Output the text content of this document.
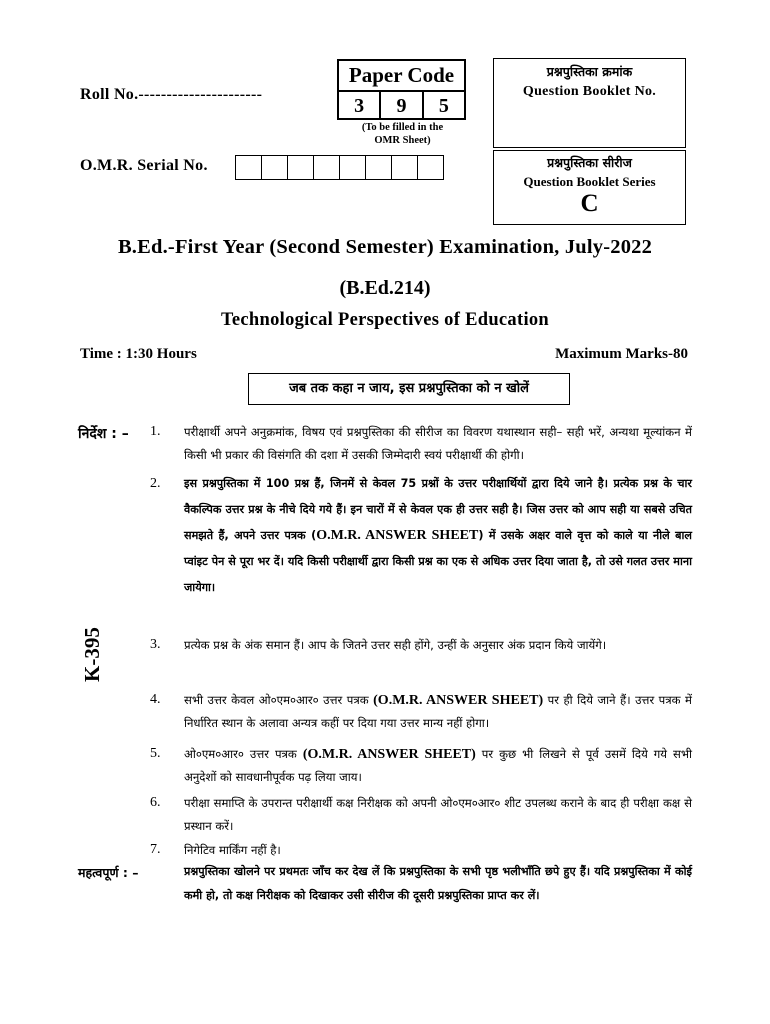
Roll No.----------------------
O.M.R. Serial No.
Paper Code
3	9	5
(To be filled in the
OMR Sheet)
प्रश्नपुस्तिका क्रमांक
Question Booklet No.
प्रश्नपुस्तिका सीरीज
Question Booklet Series
C
B.Ed.-First Year (Second Semester) Examination, July-2022
(B.Ed.214)
Technological Perspectives of Education
Time : 1:30 Hours	Maximum Marks-80
जब तक कहा न जाय, इस प्रश्नपुस्तिका को न खोलें
K-395
निर्देश : – 1. परीक्षार्थी अपने अनुक्रमांक, विषय एवं प्रश्नपुस्तिका की सीरीज का विवरण यथास्थान सही– सही भरें, अन्यथा मूल्यांकन में किसी भी प्रकार की विसंगति की दशा में उसकी जिम्मेदारी स्वयं परीक्षार्थी की होगी।
2. इस प्रश्नपुस्तिका में 100 प्रश्न हैं, जिनमें से केवल 75 प्रश्नों के उत्तर परीक्षार्थियों द्वारा दिये जाने है। प्रत्येक प्रश्न के चार वैकल्पिक उत्तर प्रश्न के नीचे दिये गये हैं। इन चारों में से केवल एक ही उत्तर सही है। जिस उत्तर को आप सही या सबसे उचित समझते हैं, अपने उत्तर पत्रक (O.M.R. ANSWER SHEET) में उसके अक्षर वाले वृत्त को काले या नीले बाल प्वांइट पेन से पूरा भर दें। यदि किसी परीक्षार्थी द्वारा किसी प्रश्न का एक से अधिक उत्तर दिया जाता है, तो उसे गलत उत्तर माना जायेगा।
3. प्रत्येक प्रश्न के अंक समान हैं। आप के जितने उत्तर सही होंगे, उन्हीं के अनुसार अंक प्रदान किये जायेंगे।
4. सभी उत्तर केवल ओ०एम०आर० उत्तर पत्रक (O.M.R. ANSWER SHEET) पर ही दिये जाने हैं। उत्तर पत्रक में निर्धारित स्थान के अलावा अन्यत्र कहीं पर दिया गया उत्तर मान्य नहीं होगा।
5. ओ०एम०आर० उत्तर पत्रक (O.M.R. ANSWER SHEET) पर कुछ भी लिखने से पूर्व उसमें दिये गये सभी अनुदेशों को सावधानीपूर्वक पढ़ लिया जाय।
6. परीक्षा समाप्ति के उपरान्त परीक्षार्थी कक्ष निरीक्षक को अपनी ओ०एम०आर० शीट उपलब्ध कराने के बाद ही परीक्षा कक्ष से प्रस्थान करें।
7. निगेटिव मार्किंग नहीं है।
महत्वपूर्ण : –	प्रश्नपुस्तिका खोलने पर प्रथमतः जाँच कर देख लें कि प्रश्नपुस्तिका के सभी पृष्ठ भलीभाँति छपे हुए हैं। यदि प्रश्नपुस्तिका में कोई कमी हो, तो कक्ष निरीक्षक को दिखाकर उसी सीरीज की दूसरी प्रश्नपुस्तिका प्राप्त कर लें।
